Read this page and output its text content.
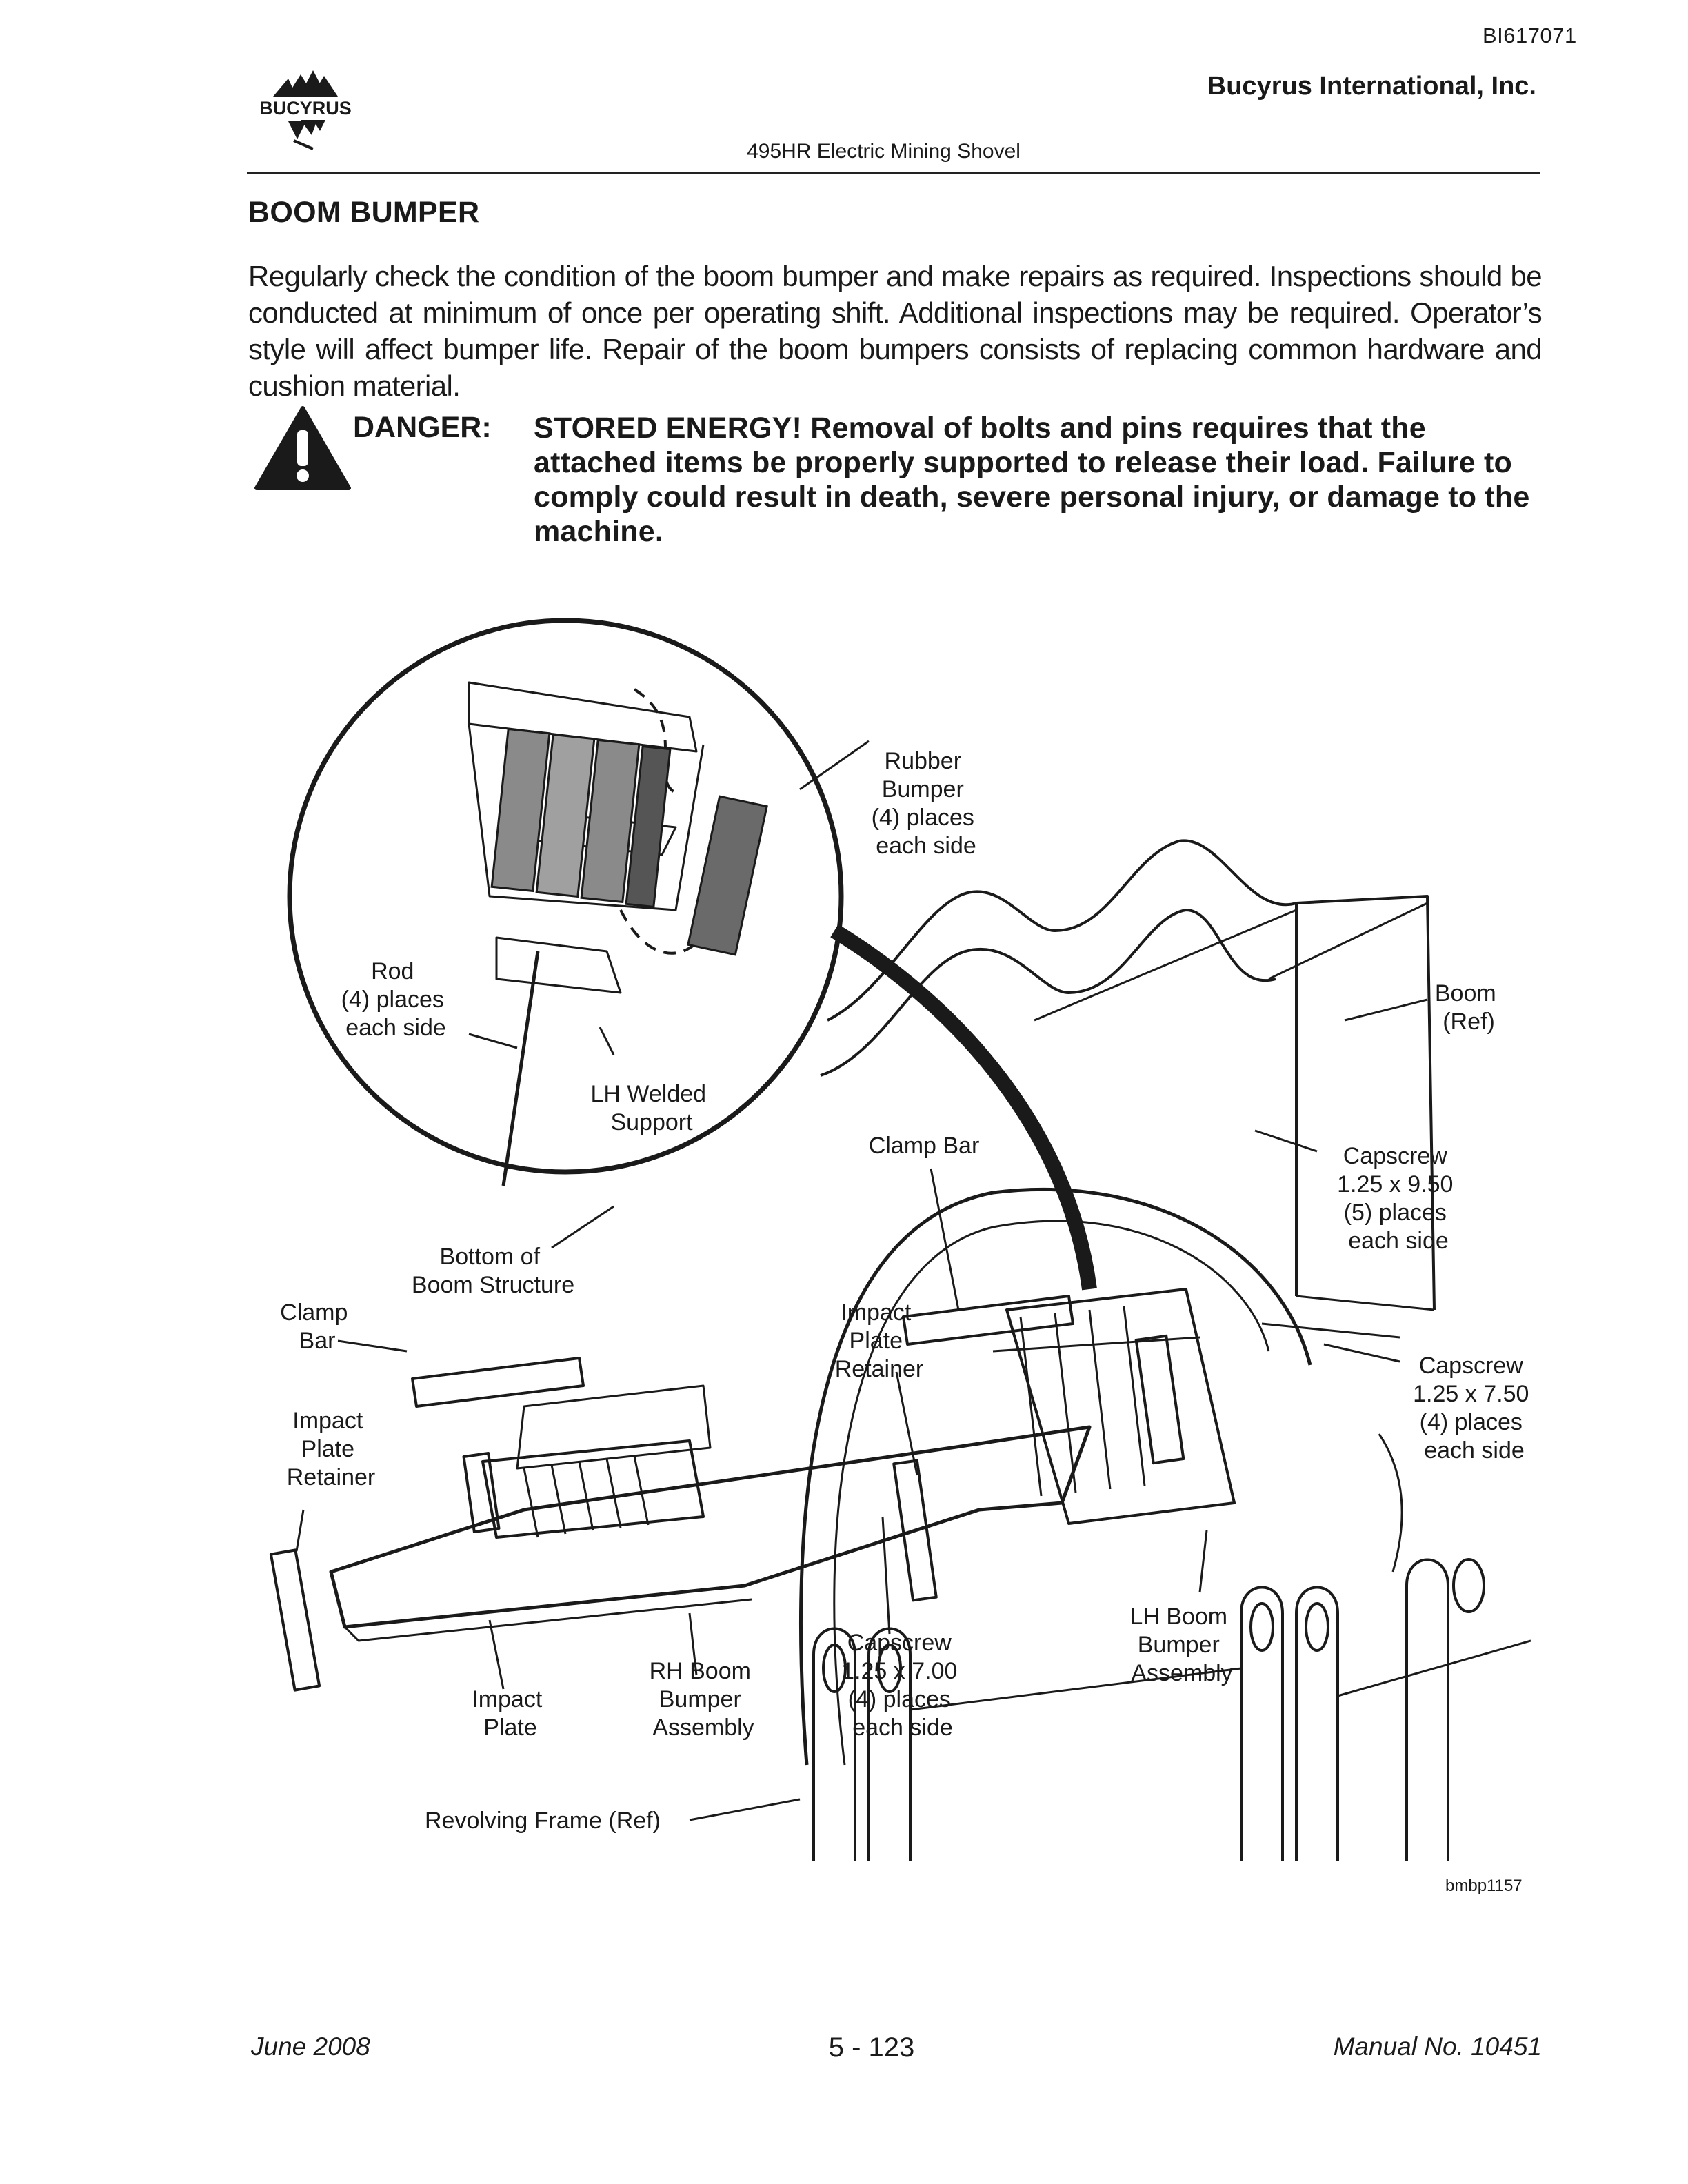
BI617071
Bucyrus International, Inc.
495HR Electric Mining Shovel
BUCYRUS
BOOM BUMPER
Regularly check the condition of the boom bumper and make repairs as required. Inspections should be conducted at minimum of once per operating shift. Additional inspections may be required. Operator’s style will affect bumper life. Repair of the boom bumpers consists of replacing common hardware and cushion material.
DANGER: STORED ENERGY! Removal of bolts and pins requires that the attached items be properly supported to release their load. Failure to comply could result in death, severe personal injury, or damage to the machine.
Rubber Bumper (4) places each side
Rod (4) places each side
LH Welded Support
Boom (Ref)
Clamp Bar	Capscrew 1.25 x 9.50 (5) places each side
Bottom of Boom Structure
Clamp Bar
Impact Plate Retainer	Capscrew 1.25 x 7.50 (4) places each side
Impact Plate Retainer
LH Boom Bumper Assembly
Capscrew 1.25 x 7.00 (4) places each side
Impact Plate
RH Boom Bumper Assembly
Revolving Frame (Ref)
bmbp1157
June 2008	5 - 123	Manual No. 10451
